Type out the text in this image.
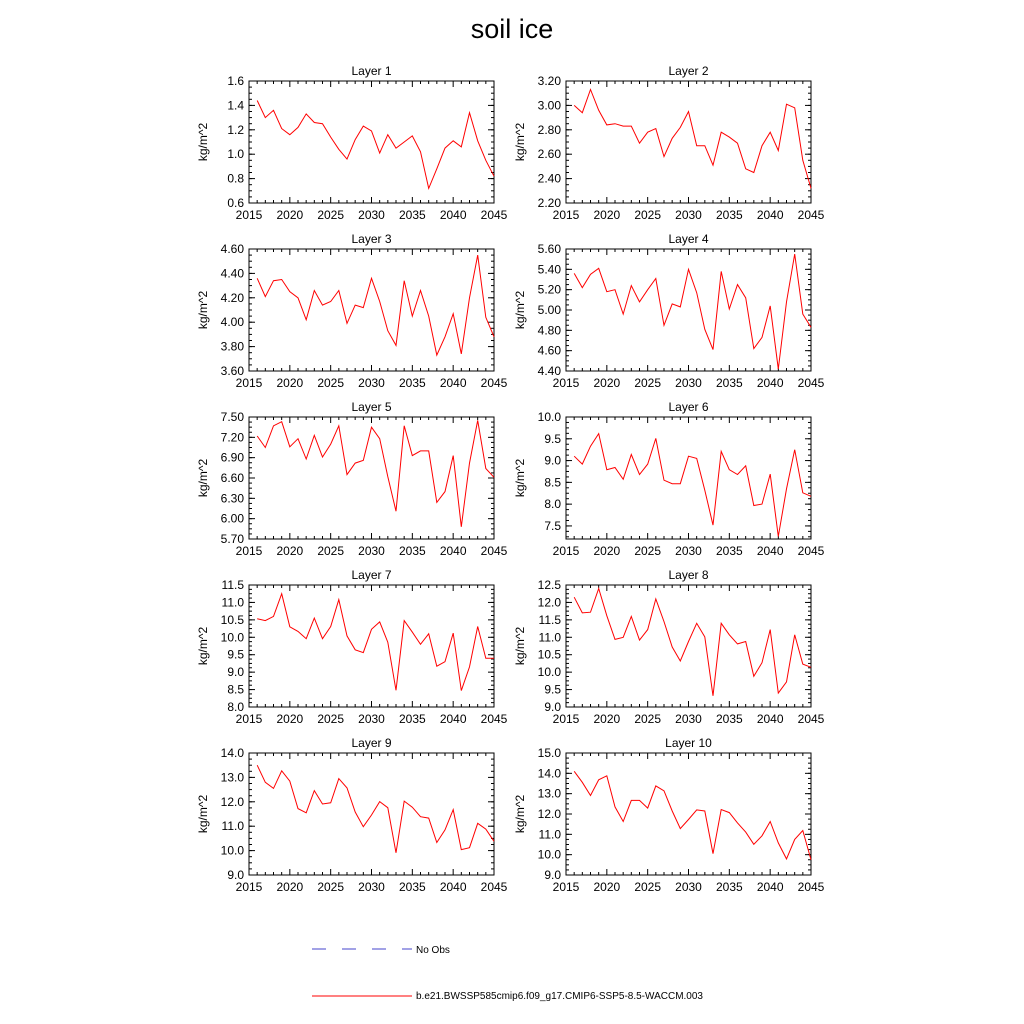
soil ice
Layer 1
kg/m^2
2015 2020 2025 2030 2035 2040 2045
0.6
0.8
1.0
1.2
1.4
1.6
Layer 2
kg/m^2
2015 2020 2025 2030 2035 2040 2045
2.20
2.40
2.60
2.80
3.00
3.20
Layer 3
kg/m^2
2015 2020 2025 2030 2035 2040 2045
3.60
3.80
4.00
4.20
4.40
4.60
Layer 4
kg/m^2
2015 2020 2025 2030 2035 2040 2045
4.40
4.60
4.80
5.00
5.20
5.40
5.60
Layer 5
kg/m^2
2015 2020 2025 2030 2035 2040 2045
5.70
6.00
6.30
6.60
6.90
7.20
7.50
Layer 6
kg/m^2
2015 2020 2025 2030 2035 2040 2045
7.5
8.0
8.5
9.0
9.5
10.0
Layer 7
kg/m^2
2015 2020 2025 2030 2035 2040 2045
8.0
8.5
9.0
9.5
10.0
10.5
11.0
11.5
Layer 8
kg/m^2
2015 2020 2025 2030 2035 2040 2045
9.0
9.5
10.0
10.5
11.0
11.5
12.0
12.5
Layer 9
kg/m^2
2015 2020 2025 2030 2035 2040 2045
9.0
10.0
11.0
12.0
13.0
14.0
Layer 10
kg/m^2
2015 2020 2025 2030 2035 2040 2045
9.0
10.0
11.0
12.0
13.0
14.0
15.0
No Obs
b.e21.BWSSP585cmip6.f09_g17.CMIP6-SSP5-8.5-WACCM.003
